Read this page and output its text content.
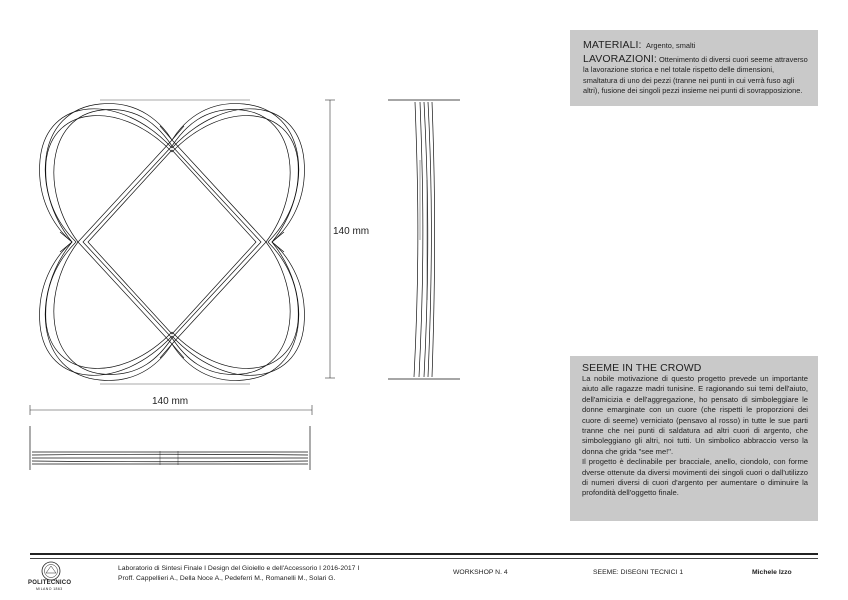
MATERIALI: Argento, smalti
LAVORAZIONI: Ottenimento di diversi cuori seeme attraverso la lavorazione storica e nel totale rispetto delle dimensioni, smaltatura di uno dei pezzi (tranne nei punti in cui verrà fuso agli altri), fusione dei singoli pezzi insieme nei punti di sovrapposizione.
SEEME IN THE CROWD
La nobile motivazione di questo progetto prevede un importante aiuto alle ragazze madri tunisine. E ragionando sui temi dell'aiuto, dell'amicizia e dell'aggregazione, ho pensato di simboleggiare le donne emarginate con un cuore (che rispetti le proporzioni dei cuore di seeme) verniciato (pensavo al rosso) in tutte le sue parti tranne che nei punti di saldatura ad altri cuori di argento, che simboleggiano gli altri, noi tutti. Un simbolico abbraccio verso la donna che grida "see me!".
Il progetto è declinabile per bracciale, anello, ciondolo, con forme dverse ottenute da diversi movimenti dei singoli cuori o dall'utilizzo di numeri diversi di cuori d'argento per aumentare o diminuire la profondità dell'oggetto finale.
140 mm
140 mm
POLITECNICO
MILANO 1863
Laboratorio di Sintesi Finale I Design del Gioiello e dell'Accessorio I 2016-2017 I
Proff. Cappellieri A., Della Noce A., Pedeferri M., Romanelli M., Solari G.
WORKSHOP N. 4	SEEME: DISEGNI TECNICI 1	Michele Izzo
